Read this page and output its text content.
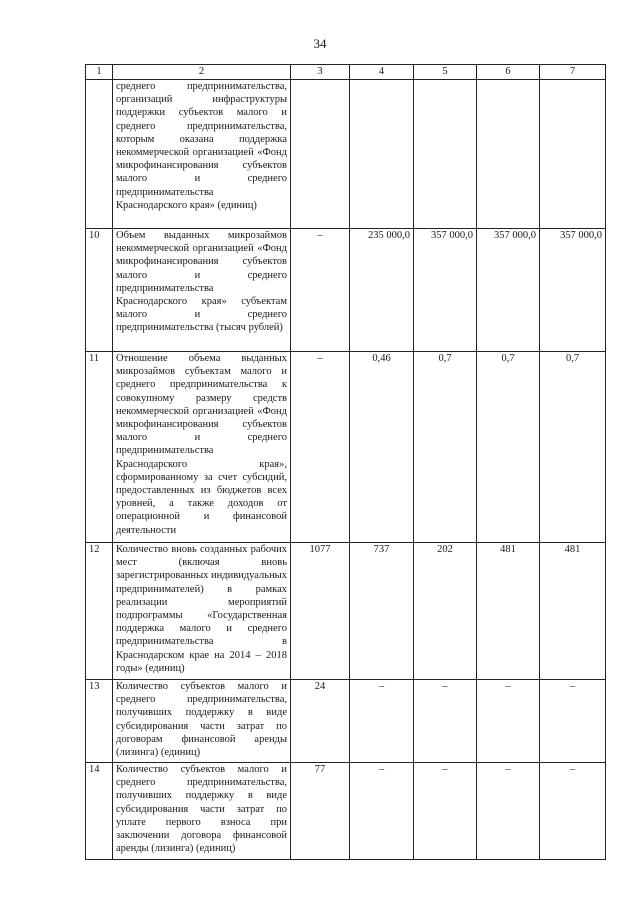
34
1	2	3	4	5	6	7
	среднего предпринимательства, организаций инфраструктуры поддержки субъектов малого и среднего предпринимательства, которым оказана поддержка некоммерческой организацией «Фонд микрофинансирования субъектов малого и среднего предпринимательства Краснодарского края» (единиц)					
10	Объем выданных микрозаймов некоммерческой организацией «Фонд микрофинансирования субъектов малого и среднего предпринимательства Краснодарского края» субъектам малого и среднего предпринимательства (тысяч рублей)	–	235 000,0	357 000,0	357 000,0	357 000,0
11	Отношение объема выданных микрозаймов субъектам малого и среднего предпринимательства к совокупному размеру средств некоммерческой организацией «Фонд микрофинансирования субъектов малого и среднего предпринимательства Краснодарского края», сформированному за счет субсидий, предоставленных из бюджетов всех уровней, а также доходов от операционной и финансовой деятельности	–	0,46	0,7	0,7	0,7
12	Количество вновь созданных рабочих мест (включая вновь зарегистрированных индивидуальных предпринимателей) в рамках реализации мероприятий подпрограммы «Государственная поддержка малого и среднего предпринимательства в Краснодарском крае на 2014 – 2018 годы» (единиц)	1077	737	202	481	481
13	Количество субъектов малого и среднего предпринимательства, получивших поддержку в виде субсидирования части затрат по договорам финансовой аренды (лизинга) (единиц)	24	–	–	–	–
14	Количество субъектов малого и среднего предпринимательства, получивших поддержку в виде субсидирования части затрат по уплате первого взноса при заключении договора финансовой аренды (лизинга) (единиц)	77	–	–	–	–
